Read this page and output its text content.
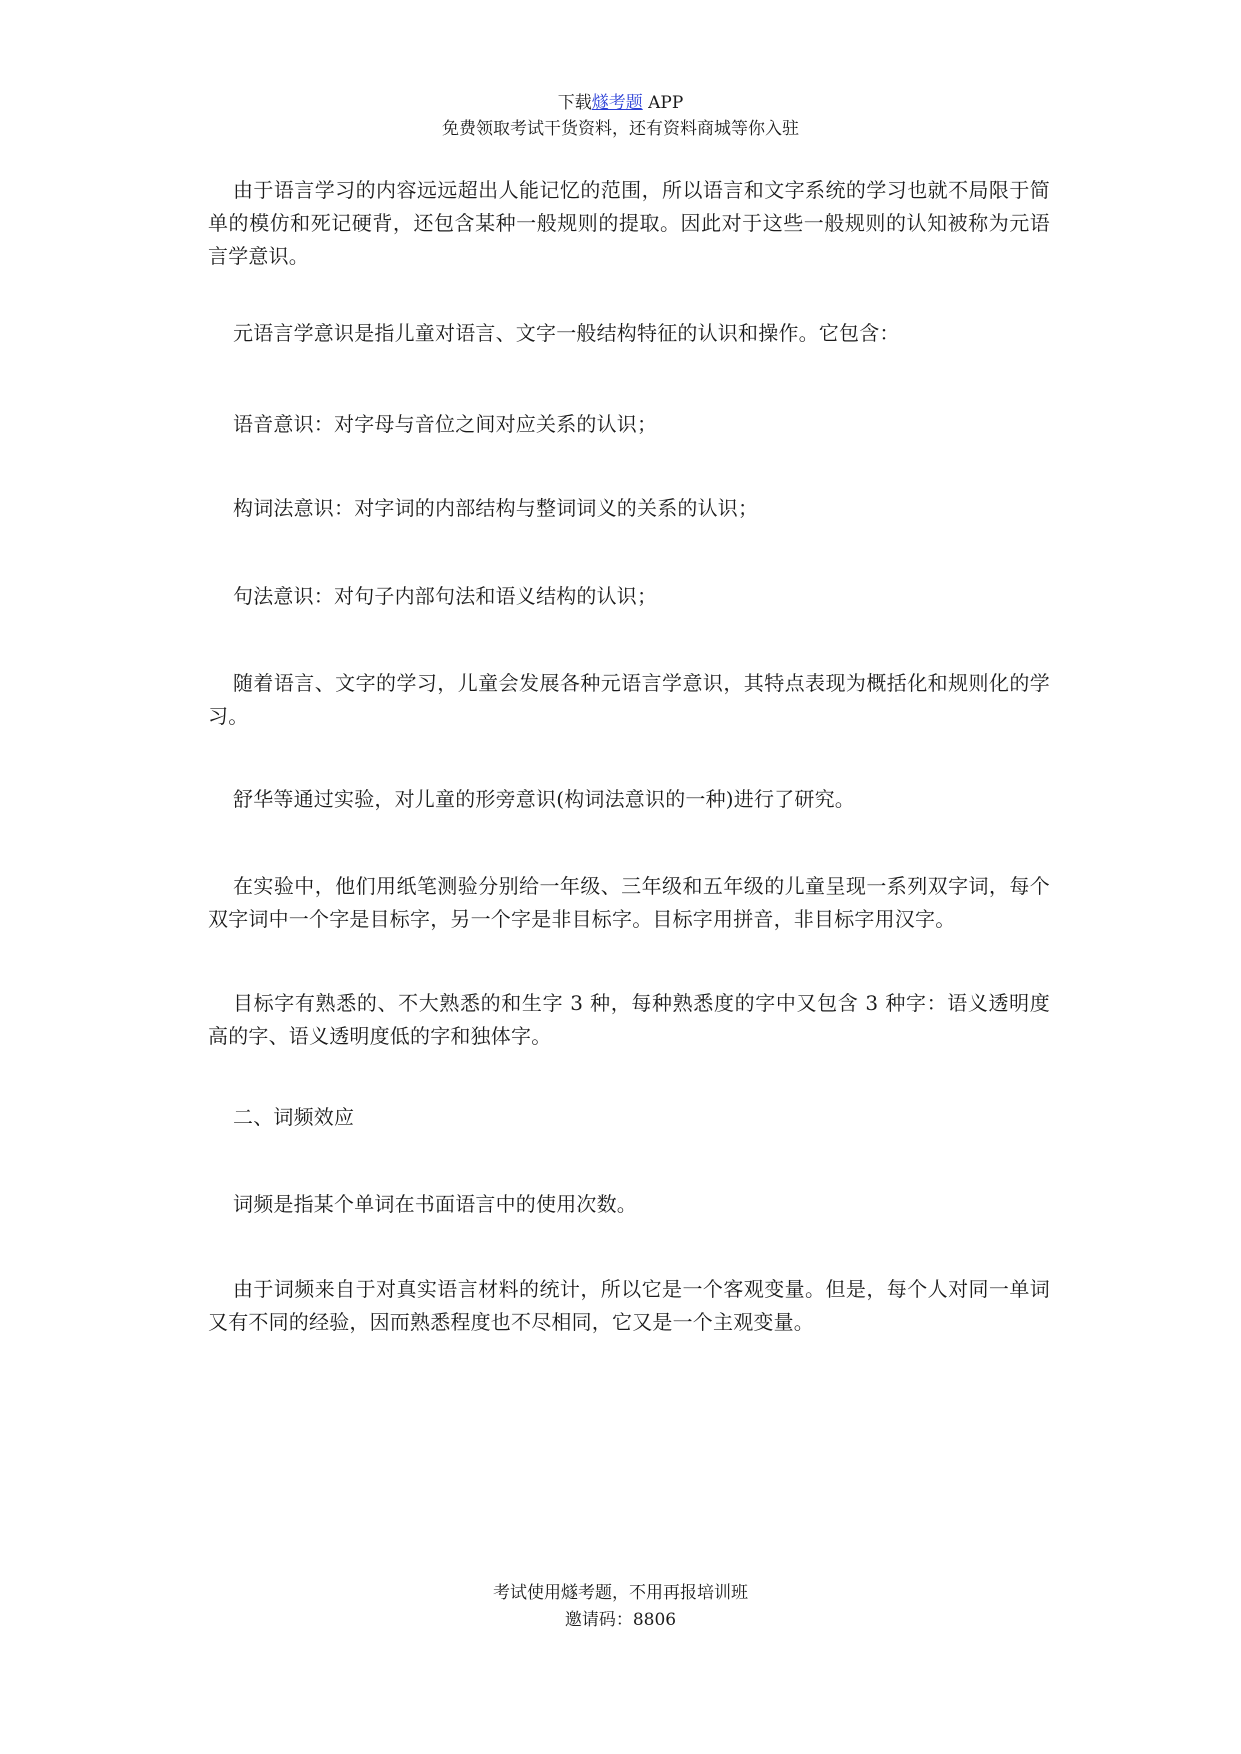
下载燧考题 APP
免费领取考试干货资料，还有资料商城等你入驻

由于语言学习的内容远远超出人能记忆的范围，所以语言和文字系统的学习也就不局限于简单的模仿和死记硬背，还包含某种一般规则的提取。因此对于这些一般规则的认知被称为元语言学意识。

元语言学意识是指儿童对语言、文字一般结构特征的认识和操作。它包含：

语音意识：对字母与音位之间对应关系的认识；

构词法意识：对字词的内部结构与整词词义的关系的认识；

句法意识：对句子内部句法和语义结构的认识；

随着语言、文字的学习，儿童会发展各种元语言学意识，其特点表现为概括化和规则化的学习。

舒华等通过实验，对儿童的形旁意识(构词法意识的一种)进行了研究。

在实验中，他们用纸笔测验分别给一年级、三年级和五年级的儿童呈现一系列双字词，每个双字词中一个字是目标字，另一个字是非目标字。目标字用拼音，非目标字用汉字。

目标字有熟悉的、不大熟悉的和生字 3 种，每种熟悉度的字中又包含 3 种字：语义透明度高的字、语义透明度低的字和独体字。

二、词频效应

词频是指某个单词在书面语言中的使用次数。

由于词频来自于对真实语言材料的统计，所以它是一个客观变量。但是，每个人对同一单词又有不同的经验，因而熟悉程度也不尽相同，它又是一个主观变量。

考试使用燧考题，不用再报培训班
邀请码：8806
